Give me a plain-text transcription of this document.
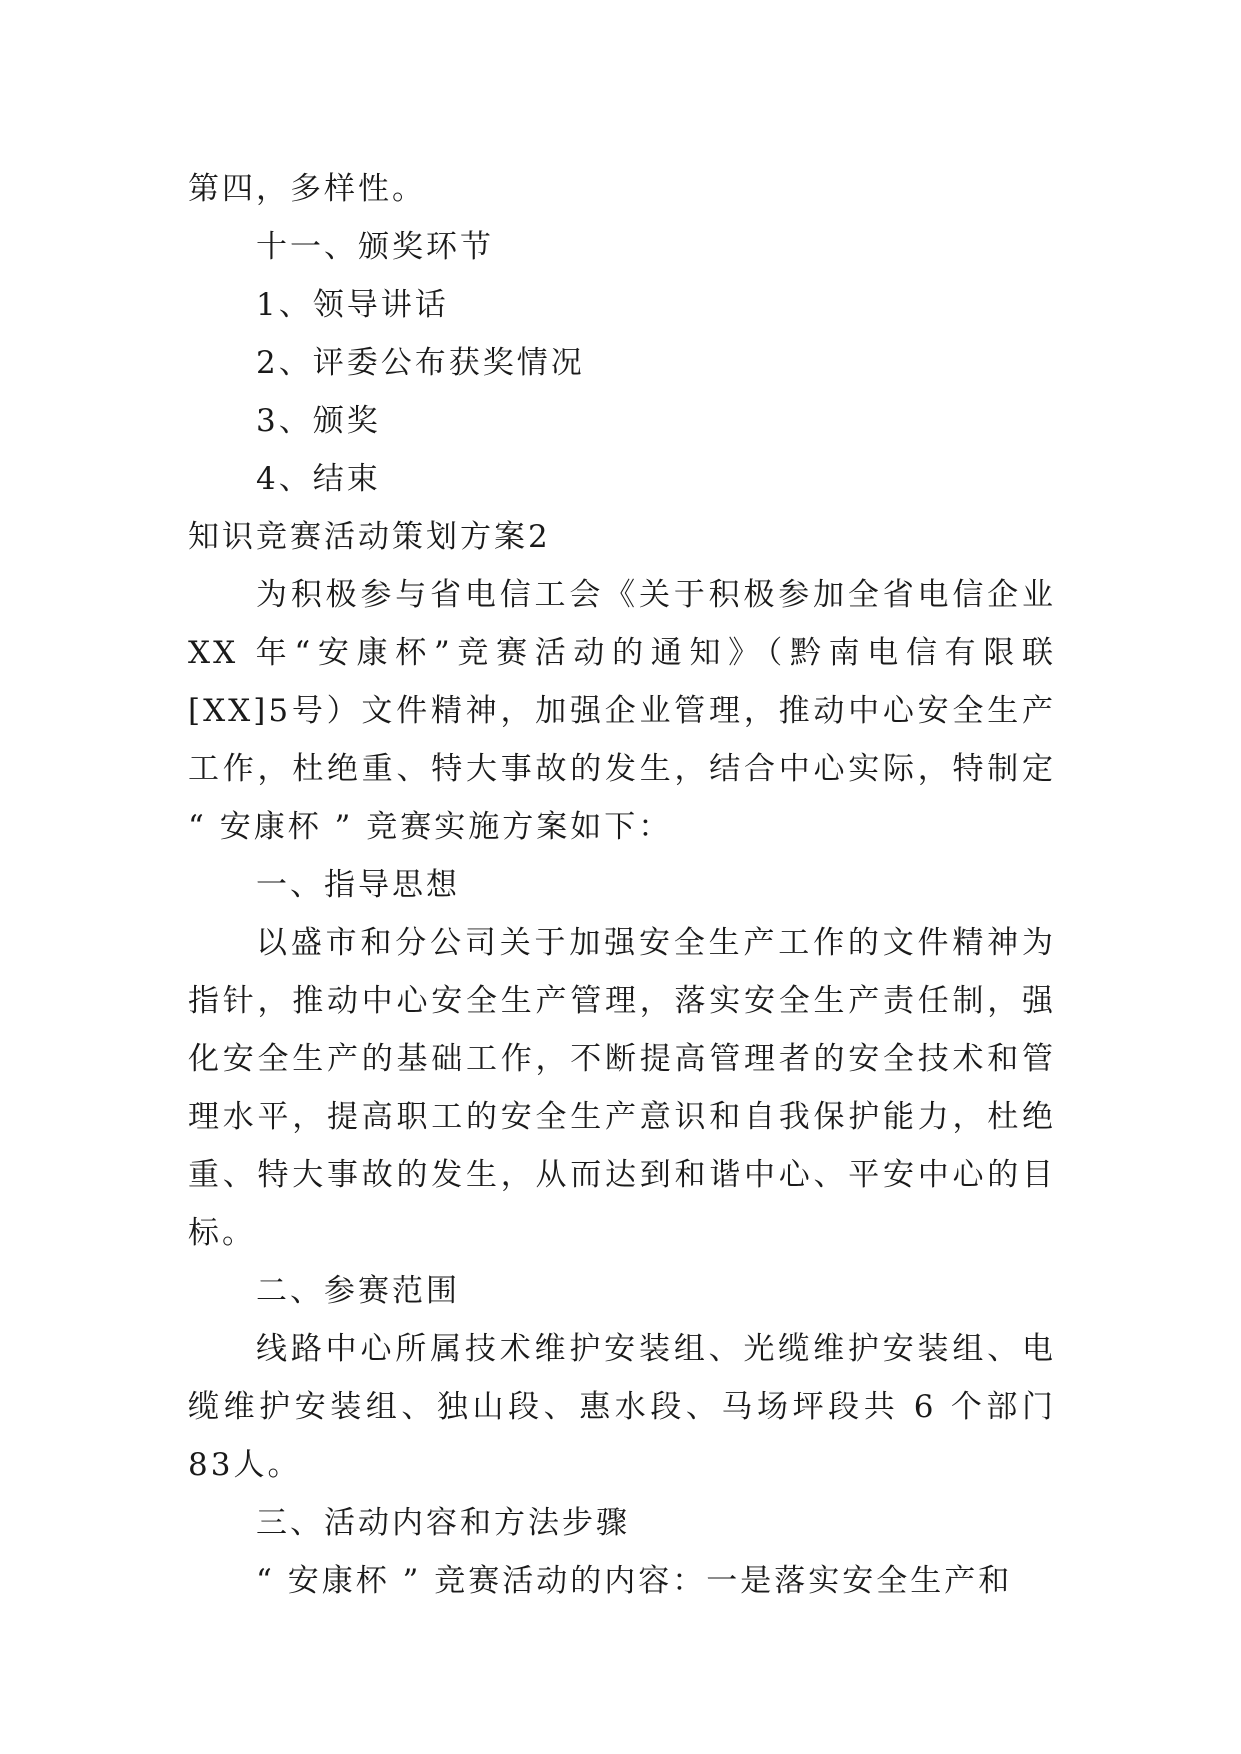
第四，多样性。

十一、颁奖环节

1、领导讲话

2、评委公布获奖情况

3、颁奖

4、结束

知识竞赛活动策划方案2

为积极参与省电信工会《关于积极参加全省电信企业XX 年“安康杯”竞赛活动的通知》（黔南电信有限联 [XX]5号）文件精神，加强企业管理，推动中心安全生产工作，杜绝重、特大事故的发生，结合中心实际，特制定 “ 安康杯 ” 竞赛实施方案如下：

一、指导思想

以盛市和分公司关于加强安全生产工作的文件精神为指针，推动中心安全生产管理，落实安全生产责任制，强化安全生产的基础工作，不断提高管理者的安全技术和管理水平，提高职工的安全生产意识和自我保护能力，杜绝重、特大事故的发生，从而达到和谐中心、平安中心的目标。

二、参赛范围

线路中心所属技术维护安装组、光缆维护安装组、电缆维护安装组、独山段、惠水段、马场坪段共 6 个部门 83人。

三、活动内容和方法步骤

“ 安康杯 ” 竞赛活动的内容：一是落实安全生产和
